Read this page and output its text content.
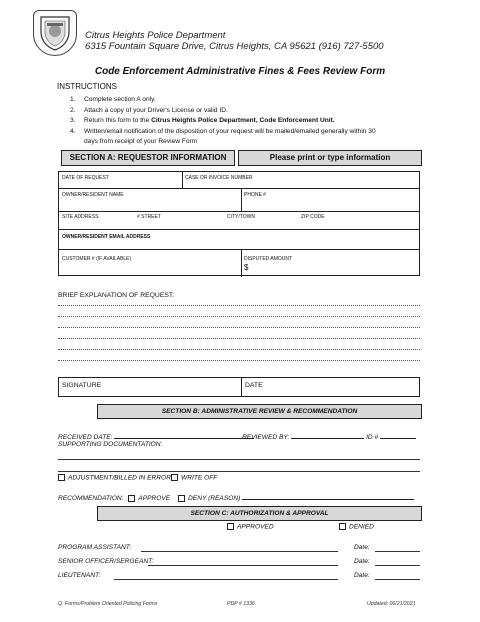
Citrus Heights Police Department
6315 Fountain Square Drive, Citrus Heights, CA 95621 (916) 727-5500
Code Enforcement Administrative Fines & Fees Review Form
INSTRUCTIONS
1.	Complete section A only.
2.	Attach a copy of your Driver's License or valid ID.
3.	Return this form to the Citrus Heights Police Department, Code Enforcement Unit.
4.	Written/email notification of the disposition of your request will be mailed/emailed generally within 30
days from receipt of your Review Form
SECTION A: REQUESTOR INFORMATION	Please print or type information
DATE OF REQUEST	CASE OR INVOICE NUMBER
OWNER/RESIDENT NAME	PHONE #
SITE ADDRESS	# STREET	CITY/TOWN	ZIP CODE
OWNER/RESIDENT EMAIL ADDRESS
CUSTOMER # (IF AVAILABLE)	DISPUTED AMOUNT
$
BRIEF EXPLANATION OF REQUEST:
SIGNATURE	DATE
SECTION B: ADMINISTRATIVE REVIEW & RECOMMENDATION
RECEIVED DATE:	REVIEWED BY:	ID #
SUPPORTING DOCUMENTATION:
ADJUSTMENT/BILLED IN ERROR	WRITE OFF
RECOMMENDATION: APPROVE	DENY (REASON)
SECTION C: AUTHORIZATION & APPROVAL
APPROVED	DENIED
PROGRAM ASSISTANT:	Date:
SENIOR OFFICER/SERGEANT:	Date:
LIEUTENANT:	Date:
Q: Forms/Problem Oriented Policing Forms	PDP # 1336	Updated: 06/21/2021
